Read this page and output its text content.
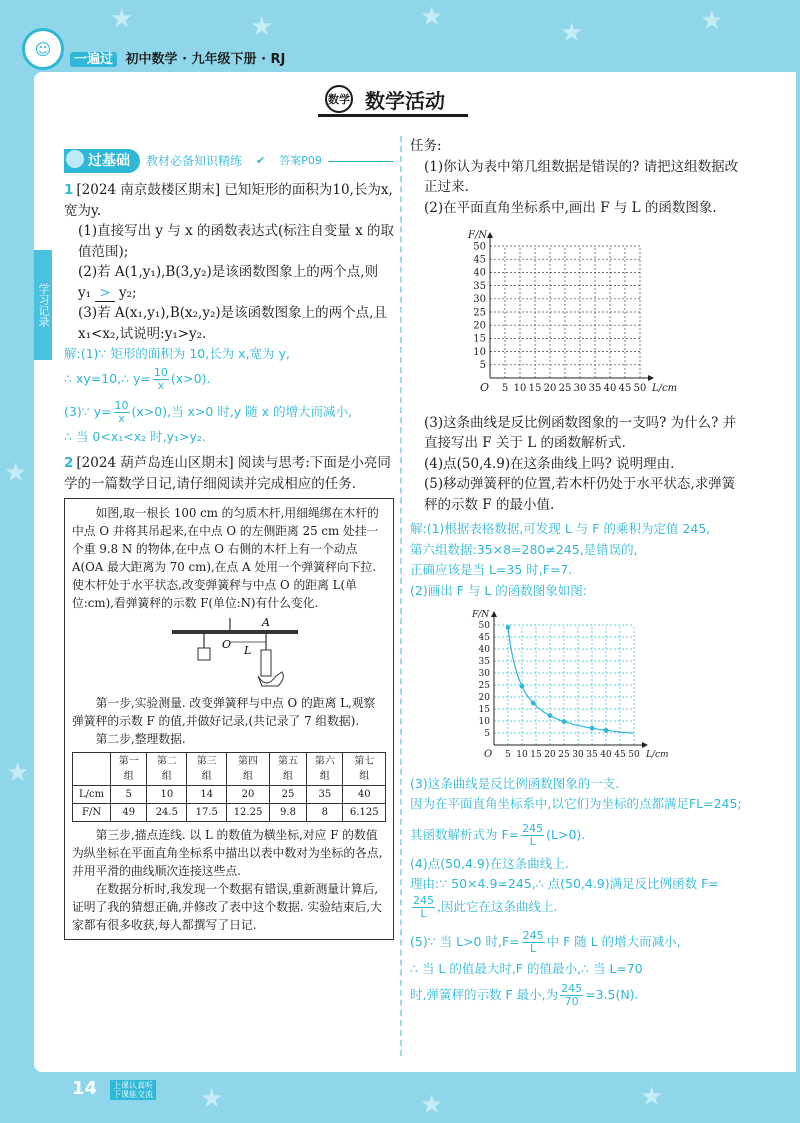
★	★	★
★	★
★
★
★	★	★
☺
一遍过 初中数学 · 九年级下册 · RJ
数学 数学活动
学习记录
过基础	教材必备知识精练 ✔ 答案P09

1 [2024 南京鼓楼区期末] 已知矩形的面积为10,长为x,宽为y.

(1)直接写出 y 与 x 的函数表达式(标注自变量 x 的取值范围);

(2)若 A(1,y₁),B(3,y₂)是该函数图象上的两个点,则 y₁ > y₂;

(3)若 A(x₁,y₁),B(x₂,y₂)是该函数图象上的两个点,且 x₁<x₂,试说明:y₁>y₂.

解:(1)∵ 矩形的面积为 10,长为 x,宽为 y,

∴ xy=10,∴ $y= \frac{10}{x} (x>0)$.

(3)∵ $y= \frac{10}{x} (x>0)$,当 x>0 时,y 随 x 的增大而减小,

∴ 当 0<x₁<x₂ 时,y₁>y₂.

2 [2024 葫芦岛连山区期末] 阅读与思考:下面是小亮同学的一篇数学日记,请仔细阅读并完成相应的任务.

如图,取一根长 100 cm 的匀质木杆,用细绳绑在木杆的中点 O 并将其吊起来,在中点 O 的左侧距离 25 cm 处挂一个重 9.8 N 的物体,在中点 O 右侧的木杆上有一个动点 A(OA 最大距离为 70 cm),在点 A 处用一个弹簧秤向下拉. 使木杆处于水平状态,改变弹簧秤与中点 O 的距离 L(单位:cm),看弹簧秤的示数 F(单位:N)有什么变化.

O L
A

第一步,实验测量. 改变弹簧秤与中点 O 的距离 L,观察弹簧秤的示数 F 的值,并做好记录,(共记录了 7 组数据).

第二步,整理数据.

	第一组	第二组	第三组	第四组	第五组	第六组	第七组
L/cm	5	10	14	20	25	35	40
F/N	49	24.5	17.5	12.25	9.8	8	6.125

第三步,描点连线. 以 L 的数值为横坐标,对应 F 的数值为纵坐标在平面直角坐标系中描出以表中数对为坐标的各点,并用平滑的曲线顺次连接这些点.

在数据分析时,我发现一个数据有错误,重新测量计算后,证明了我的猜想正确,并修改了表中这个数据. 实验结束后,大家都有很多收获,每人都撰写了日记.

任务:

(1)你认为表中第几组数据是错误的? 请把这组数据改正过来.

(2)在平面直角坐标系中,画出 F 与 L 的函数图象.

5 10 15 20 25 30 35 40 45 50
5
10
15
20
25
30
35
40
45
50
O	L/cm
F/N

(3)这条曲线是反比例函数图象的一支吗? 为什么? 并直接写出 F 关于 L 的函数解析式.

(4)点(50,4.9)在这条曲线上吗? 说明理由.

(5)移动弹簧秤的位置,若木杆仍处于水平状态,求弹簧秤的示数 F 的最小值.

解:(1)根据表格数据,可发现 L 与 F 的乘积为定值 245,

第六组数据:35×8=280≠245,是错误的,

正确应该是当 L=35 时,F=7.

(2)画出 F 与 L 的函数图象如图:

5 10 15 20 25 30 35 40 45 50
5
10
15
20
25
30
35
40
45
50
O	L/cm
F/N

(3)这条曲线是反比例函数图象的一支.

因为在平面直角坐标系中,以它们为坐标的点都满足FL=245;

其函数解析式为 $F= \frac{245}{L} (L>0)$.

(4)点(50,4.9)在这条曲线上.

理由:∵ 50×4.9=245,∴ 点(50,4.9)满足反比例函数 F=
$\frac{245}{L}$ ,因此它在这条曲线上.

(5)∵ 当 L>0 时$,F= \frac{245}{L}$ 中 F 随 L 的增大而减小,

∴ 当 L 的值最大时,F 的值最小,∴ 当 L=70

时,弹簧秤的示数 F 最小,为 $\frac{245}{70} =3.5(N)$.

14 上课认真听
下课能交流
